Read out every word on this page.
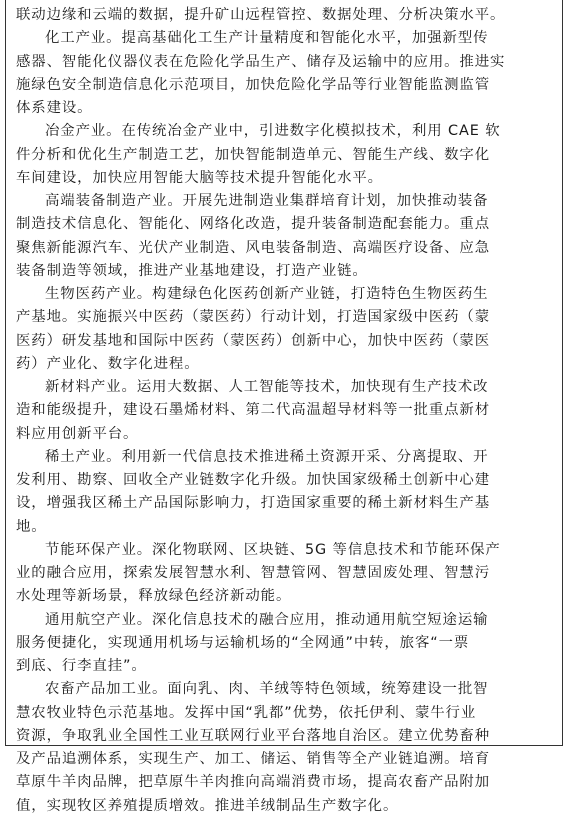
联动边缘和云端的数据，提升矿山远程管控、数据处理、分析决策水平。
化工产业。提高基础化工生产计量精度和智能化水平，加强新型传
感器、智能化仪器仪表在危险化学品生产、储存及运输中的应用。推进实
施绿色安全制造信息化示范项目，加快危险化学品等行业智能监测监管
体系建设。
冶金产业。在传统冶金产业中，引进数字化模拟技术，利用 CAE 软
件分析和优化生产制造工艺，加快智能制造单元、智能生产线、数字化
车间建设，加快应用智能大脑等技术提升智能化水平。
高端装备制造产业。开展先进制造业集群培育计划，加快推动装备
制造技术信息化、智能化、网络化改造，提升装备制造配套能力。重点
聚焦新能源汽车、光伏产业制造、风电装备制造、高端医疗设备、应急
装备制造等领域，推进产业基地建设，打造产业链。
生物医药产业。构建绿色化医药创新产业链，打造特色生物医药生
产基地。实施振兴中医药（蒙医药）行动计划，打造国家级中医药（蒙
医药）研发基地和国际中医药（蒙医药）创新中心，加快中医药（蒙医
药）产业化、数字化进程。
新材料产业。运用大数据、人工智能等技术，加快现有生产技术改
造和能级提升，建设石墨烯材料、第二代高温超导材料等一批重点新材
料应用创新平台。
稀土产业。利用新一代信息技术推进稀土资源开采、分离提取、开
发利用、勘察、回收全产业链数字化升级。加快国家级稀土创新中心建
设，增强我区稀土产品国际影响力，打造国家重要的稀土新材料生产基
地。
节能环保产业。深化物联网、区块链、5G 等信息技术和节能环保产
业的融合应用，探索发展智慧水利、智慧管网、智慧固废处理、智慧污
水处理等新场景，释放绿色经济新动能。
通用航空产业。深化信息技术的融合应用，推动通用航空短途运输
服务便捷化，实现通用机场与运输机场的“全网通”中转，旅客“一票
到底、行李直挂”。
农畜产品加工业。面向乳、肉、羊绒等特色领域，统筹建设一批智
慧农牧业特色示范基地。发挥中国“乳都”优势，依托伊利、蒙牛行业
资源，争取乳业全国性工业互联网行业平台落地自治区。建立优势畜种
及产品追溯体系，实现生产、加工、储运、销售等全产业链追溯。培育
草原牛羊肉品牌，把草原牛羊肉推向高端消费市场，提高农畜产品附加
值，实现牧区养殖提质增效。推进羊绒制品生产数字化。
